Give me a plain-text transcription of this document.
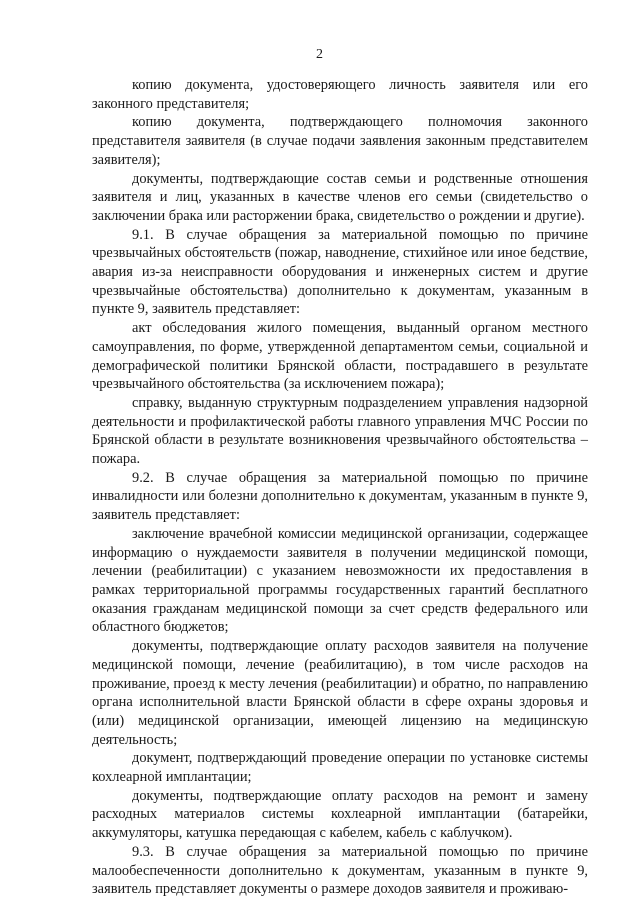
2

копию документа, удостоверяющего личность заявителя или его законного представителя;

копию документа, подтверждающего полномочия законного представителя заявителя (в случае подачи заявления законным представителем заявителя);

документы, подтверждающие состав семьи и родственные отношения заявителя и лиц, указанных в качестве членов его семьи (свидетельство о заключении брака или расторжении брака, свидетельство о рождении и другие).

9.1. В случае обращения за материальной помощью по причине чрезвычайных обстоятельств (пожар, наводнение, стихийное или иное бедствие, авария из-за неисправности оборудования и инженерных систем и другие чрезвычайные обстоятельства) дополнительно к документам, указанным в пункте 9, заявитель представляет:

акт обследования жилого помещения, выданный органом местного самоуправления, по форме, утвержденной департаментом семьи, социальной и демографической политики Брянской области, пострадавшего в результате чрезвычайного обстоятельства (за исключением пожара);

справку, выданную структурным подразделением управления надзорной деятельности и профилактической работы главного управления МЧС России по Брянской области в результате возникновения чрезвычайного обстоятельства – пожара.

9.2. В случае обращения за материальной помощью по причине инвалидности или болезни дополнительно к документам, указанным в пункте 9, заявитель представляет:

заключение врачебной комиссии медицинской организации, содержащее информацию о нуждаемости заявителя в получении медицинской помощи, лечении (реабилитации) с указанием невозможности их предоставления в рамках территориальной программы государственных гарантий бесплатного оказания гражданам медицинской помощи за счет средств федерального или областного бюджетов;

документы, подтверждающие оплату расходов заявителя на получение медицинской помощи, лечение (реабилитацию), в том числе расходов на проживание, проезд к месту лечения (реабилитации) и обратно, по направлению органа исполнительной власти Брянской области в сфере охраны здоровья и (или) медицинской организации, имеющей лицензию на медицинскую деятельность;

документ, подтверждающий проведение операции по установке системы кохлеарной имплантации;

документы, подтверждающие оплату расходов на ремонт и замену расходных материалов системы кохлеарной имплантации (батарейки, аккумуляторы, катушка передающая с кабелем, кабель с каблучком).

9.3. В случае обращения за материальной помощью по причине малообеспеченности дополнительно к документам, указанным в пункте 9, заявитель представляет документы о размере доходов заявителя и проживаю-
